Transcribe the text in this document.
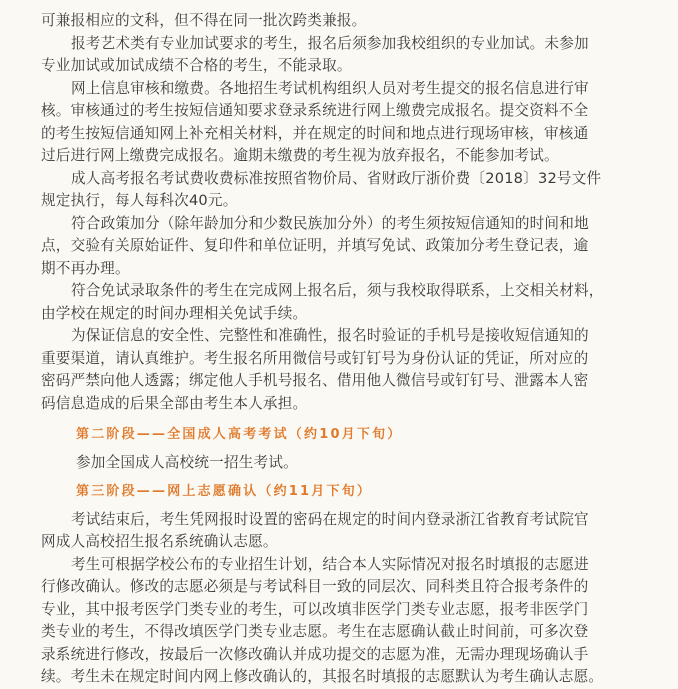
可兼报相应的文科，但不得在同一批次跨类兼报。

报考艺术类有专业加试要求的考生，报名后须参加我校组织的专业加试。未参加
专业加试或加试成绩不合格的考生，不能录取。

网上信息审核和缴费。各地招生考试机构组织人员对考生提交的报名信息进行审
核。审核通过的考生按短信通知要求登录系统进行网上缴费完成报名。提交资料不全
的考生按短信通知网上补充相关材料，并在规定的时间和地点进行现场审核，审核通
过后进行网上缴费完成报名。逾期未缴费的考生视为放弃报名，不能参加考试。

成人高考报名考试费收费标准按照省物价局、省财政厅浙价费〔2018〕32号文件
规定执行，每人每科次40元。

符合政策加分（除年龄加分和少数民族加分外）的考生须按短信通知的时间和地
点，交验有关原始证件、复印件和单位证明，并填写免试、政策加分考生登记表，逾
期不再办理。

符合免试录取条件的考生在完成网上报名后，须与我校取得联系，上交相关材料，
由学校在规定的时间办理相关免试手续。

为保证信息的安全性、完整性和准确性，报名时验证的手机号是接收短信通知的
重要渠道，请认真维护。考生报名所用微信号或钉钉号为身份认证的凭证，所对应的
密码严禁向他人透露；绑定他人手机号报名、借用他人微信号或钉钉号、泄露本人密
码信息造成的后果全部由考生本人承担。

第二阶段——全国成人高考考试（约10月下旬）

参加全国成人高校统一招生考试。

第三阶段——网上志愿确认（约11月下旬）

考试结束后，考生凭网报时设置的密码在规定的时间内登录浙江省教育考试院官
网成人高校招生报名系统确认志愿。

考生可根据学校公布的专业招生计划，结合本人实际情况对报名时填报的志愿进
行修改确认。修改的志愿必须是与考试科目一致的同层次、同科类且符合报考条件的
专业，其中报考医学门类专业的考生，可以改填非医学门类专业志愿，报考非医学门
类专业的考生，不得改填医学门类专业志愿。考生在志愿确认截止时间前，可多次登
录系统进行修改，按最后一次修改确认并成功提交的志愿为准，无需办理现场确认手
续。考生未在规定时间内网上修改确认的，其报名时填报的志愿默认为考生确认志愿。
